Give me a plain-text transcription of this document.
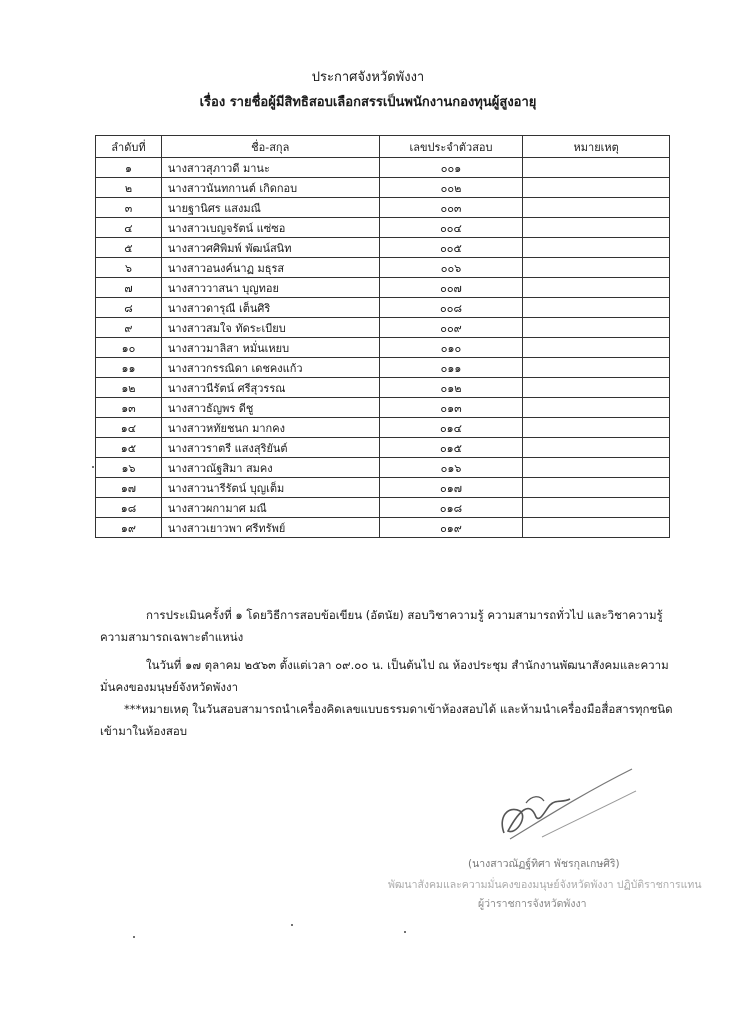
ประกาศจังหวัดพังงา
เรื่อง รายชื่อผู้มีสิทธิสอบเลือกสรรเป็นพนักงานกองทุนผู้สูงอายุ
ลำดับที่	ชื่อ-สกุล	เลขประจำตัวสอบ	หมายเหตุ
๑	นางสาวสุภาวดี มานะ	๐๐๑	
๒	นางสาวนันทกานต์ เกิดกอบ	๐๐๒	
๓	นายฐานิศร แสงมณี	๐๐๓	
๔	นางสาวเบญจรัตน์ แซ่ซอ	๐๐๔	
๕	นางสาวศศิพิมพ์ พัฒน์สนิท	๐๐๕	
๖	นางสาวอนงค์นาฏ มธุรส	๐๐๖	
๗	นางสาววาสนา บุญทอย	๐๐๗	
๘	นางสาวดารุณี เต็นศิริ	๐๐๘	
๙	นางสาวสมใจ ทัดระเบียบ	๐๐๙	
๑๐	นางสาวมาลิสา หมั่นเหยบ	๐๑๐	
๑๑	นางสาวกรรณิดา เดชคงแก้ว	๐๑๑	
๑๒	นางสาวนีรัตน์ ศรีสุวรรณ	๐๑๒	
๑๓	นางสาวธัญพร ดีชู	๐๑๓	
๑๔	นางสาวหทัยชนก มากคง	๐๑๔	
๑๕	นางสาวราตรี แสงสุริยันต์	๐๑๕	
๑๖	นางสาวณัฐสิมา สมคง	๐๑๖	
๑๗	นางสาวนารีรัตน์ บุญเต็ม	๐๑๗	
๑๘	นางสาวผกามาศ มณี	๐๑๘	
๑๙	นางสาวเยาวพา ศรีทรัพย์	๐๑๙	
การประเมินครั้งที่ ๑ โดยวิธีการสอบข้อเขียน (อัตนัย) สอบวิชาความรู้ ความสามารถทั่วไป และวิชาความรู้ความสามารถเฉพาะตำแหน่ง
ในวันที่ ๑๗ ตุลาคม ๒๕๖๓ ตั้งแต่เวลา ๐๙.๐๐ น. เป็นต้นไป ณ ห้องประชุม สำนักงานพัฒนาสังคมและความมั่นคงของมนุษย์จังหวัดพังงา
***หมายเหตุ ในวันสอบสามารถนำเครื่องคิดเลขแบบธรรมดาเข้าห้องสอบได้ และห้ามนำเครื่องมือสื่อสารทุกชนิดเข้ามาในห้องสอบ
(นางสาวณัฏฐ์ทิศา พัชรกุลเกษศิริ)
พัฒนาสังคมและความมั่นคงของมนุษย์จังหวัดพังงา ปฏิบัติราชการแทน
ผู้ว่าราชการจังหวัดพังงา
